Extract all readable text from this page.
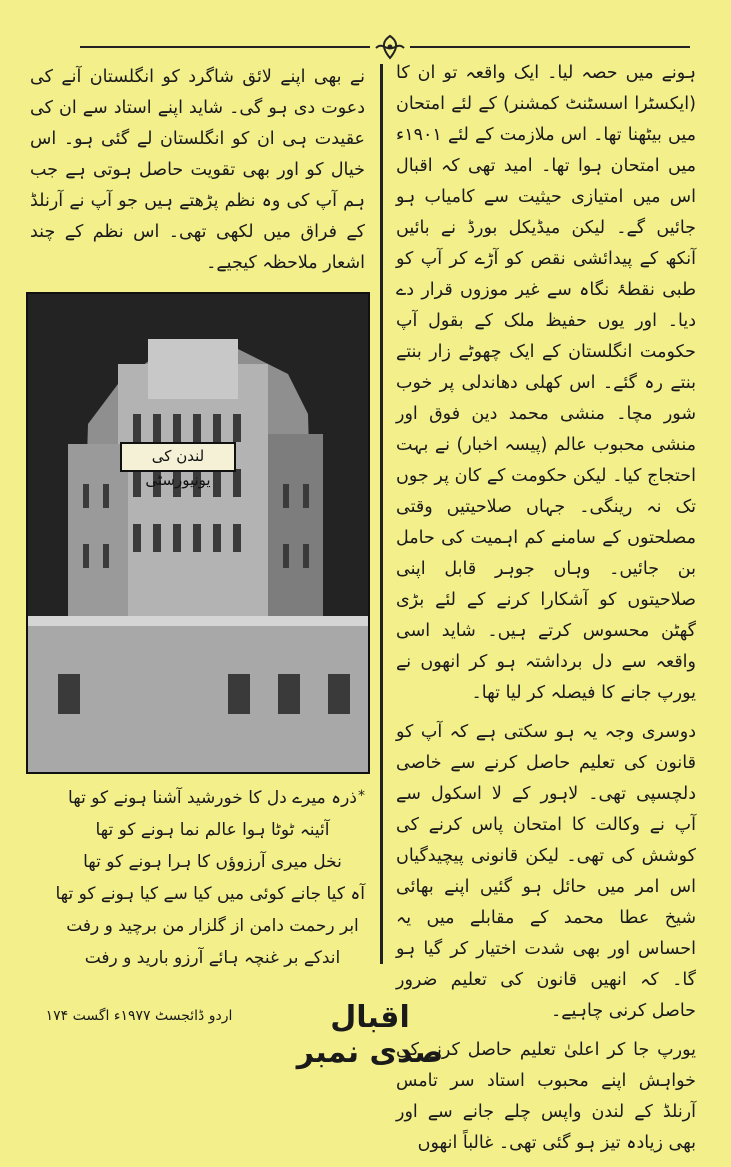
ہونے میں حصہ لیا۔ ایک واقعہ تو ان کا (ایکسٹرا اسسٹنٹ کمشنر) کے لئے امتحان میں بیٹھنا تھا۔ اس ملازمت کے لئے ۱۹۰۱ء میں امتحان ہوا تھا۔ امید تھی کہ اقبال اس میں امتیازی حیثیت سے کامیاب ہو جائیں گے۔ لیکن میڈیکل بورڈ نے بائیں آنکھ کے پیدائشی نقص کو آڑے کر آپ کو طبی نقطۂ نگاہ سے غیر موزوں قرار دے دیا۔ اور یوں حفیظ ملک کے بقول آپ حکومت انگلستان کے ایک چھوٹے زار بنتے بنتے رہ گئے۔ اس کھلی دھاندلی پر خوب شور مچا۔ منشی محمد دین فوق اور منشی محبوب عالم (پیسہ اخبار) نے بہت احتجاج کیا۔ لیکن حکومت کے کان پر جوں تک نہ رینگی۔ جہاں صلاحیتیں وقتی مصلحتوں کے سامنے کم اہمیت کی حامل بن جائیں۔ وہاں جوہر قابل اپنی صلاحیتوں کو آشکارا کرنے کے لئے بڑی گھٹن محسوس کرتے ہیں۔ شاید اسی واقعہ سے دل برداشتہ ہو کر انھوں نے یورپ جانے کا فیصلہ کر لیا تھا۔

دوسری وجہ یہ ہو سکتی ہے کہ آپ کو قانون کی تعلیم حاصل کرنے سے خاصی دلچسپی تھی۔ لاہور کے لا اسکول سے آپ نے وکالت کا امتحان پاس کرنے کی کوشش کی تھی۔ لیکن قانونی پیچیدگیاں اس امر میں حائل ہو گئیں اپنے بھائی شیخ عطا محمد کے مقابلے میں یہ احساس اور بھی شدت اختیار کر گیا ہو گا۔ کہ انھیں قانون کی تعلیم ضرور حاصل کرنی چاہیے۔

یورپ جا کر اعلیٰ تعلیم حاصل کرنے کی خواہش اپنے محبوب استاد سر تامس آرنلڈ کے لندن واپس چلے جانے سے اور بھی زیادہ تیز ہو گئی تھی۔ غالباً انھوں

نے بھی اپنے لائق شاگرد کو انگلستان آنے کی دعوت دی ہو گی۔ شاید اپنے استاد سے ان کی عقیدت ہی ان کو انگلستان لے گئی ہو۔ اس خیال کو اور بھی تقویت حاصل ہوتی ہے جب ہم آپ کی وہ نظم پڑھتے ہیں جو آپ نے آرنلڈ کے فراق میں لکھی تھی۔ اس نظم کے چند اشعار ملاحظہ کیجیے۔

لندن کی یونیورسٹی
*
ذرہ میرے دل کا خورشید آشنا ہونے کو تھا
آئینہ ٹوٹا ہوا عالم نما ہونے کو تھا
نخل میری آرزوؤں کا ہرا ہونے کو تھا
آہ کیا جانے کوئی میں کیا سے کیا ہونے کو تھا
ابر رحمت دامن از گلزار من برچید و رفت
اندکے بر غنچہ ہائے آرزو بارید و رفت
اقبال صدی نمبر
اردو ڈائجسٹ ۱۹۷۷ء اگست ۱۷۴
